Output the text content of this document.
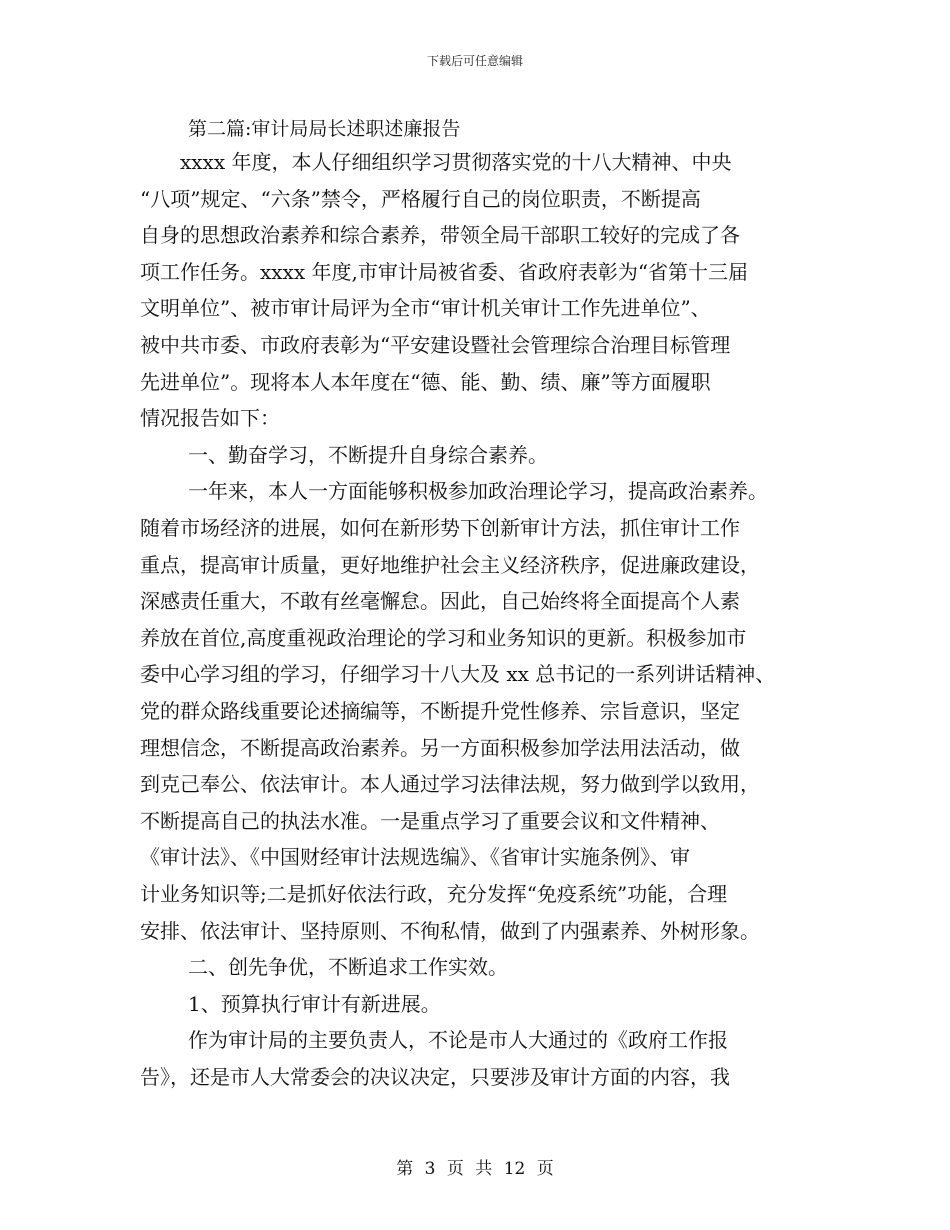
下载后可任意编辑
第二篇:审计局局长述职述廉报告
xxxx 年度，本人仔细组织学习贯彻落实党的十八大精神、中央
“八项”规定、“六条”禁令，严格履行自己的岗位职责，不断提高
自身的思想政治素养和综合素养，带领全局干部职工较好的完成了各
项工作任务。xxxx 年度,市审计局被省委、省政府表彰为“省第十三届
文明单位”、被市审计局评为全市“审计机关审计工作先进单位”、
被中共市委、市政府表彰为“平安建设暨社会管理综合治理目标管理
先进单位”。现将本人本年度在“德、能、勤、绩、廉”等方面履职
情况报告如下：
一、勤奋学习，不断提升自身综合素养。
一年来，本人一方面能够积极参加政治理论学习，提高政治素养。
随着市场经济的进展，如何在新形势下创新审计方法，抓住审计工作
重点，提高审计质量，更好地维护社会主义经济秩序，促进廉政建设，
深感责任重大，不敢有丝毫懈怠。因此，自己始终将全面提高个人素
养放在首位,高度重视政治理论的学习和业务知识的更新。积极参加市
委中心学习组的学习，仔细学习十八大及 xx 总书记的一系列讲话精神、
党的群众路线重要论述摘编等，不断提升党性修养、宗旨意识，坚定
理想信念，不断提高政治素养。另一方面积极参加学法用法活动，做
到克己奉公、依法审计。本人通过学习法律法规，努力做到学以致用，
不断提高自己的执法水准。一是重点学习了重要会议和文件精神、
《审计法》、《中国财经审计法规选编》、《省审计实施条例》、审
计业务知识等;二是抓好依法行政，充分发挥“免疫系统”功能，合理
安排、依法审计、坚持原则、不徇私情，做到了内强素养、外树形象。
二、创先争优，不断追求工作实效。
1、预算执行审计有新进展。
作为审计局的主要负责人，不论是市人大通过的《政府工作报
告》，还是市人大常委会的决议决定，只要涉及审计方面的内容，我
第 3 页 共 12 页
